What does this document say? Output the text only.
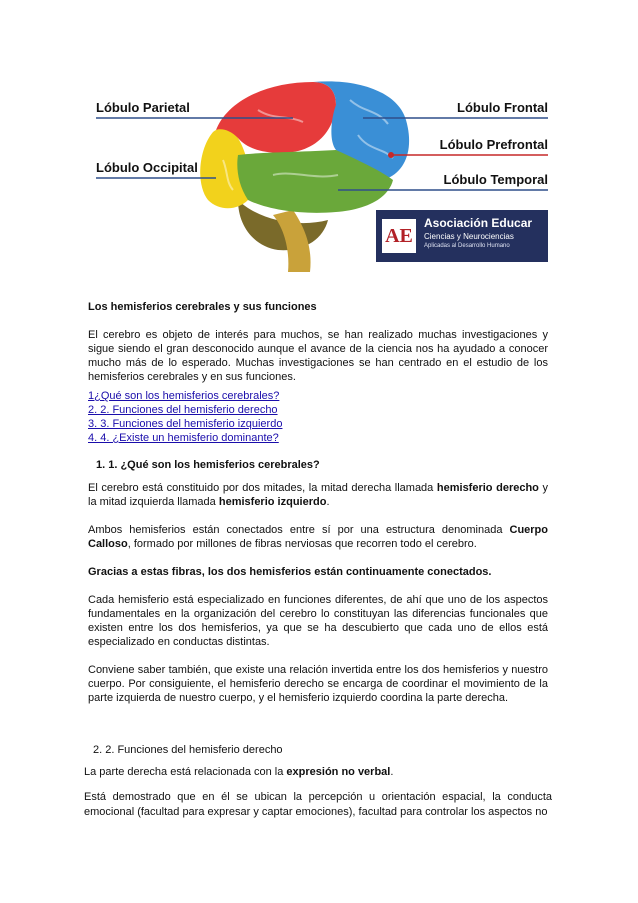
Lóbulo Parietal
Lóbulo Occipital
Lóbulo Frontal
Lóbulo Prefrontal
Lóbulo Temporal
AE
Asociación Educar
Ciencias y Neurociencias
Aplicadas al Desarrollo Humano

Los hemisferios cerebrales y sus funciones

El cerebro es objeto de interés para muchos, se han realizado muchas investigaciones y sigue siendo el gran desconocido aunque el avance de la ciencia nos ha ayudado a conocer mucho más de lo esperado. Muchas investigaciones se han centrado en el estudio de los hemisferios cerebrales y en sus funciones.

1¿Qué son los hemisferios cerebrales?
2. 2. Funciones del hemisferio derecho
3. 3. Funciones del hemisferio izquierdo
4. 4. ¿Existe un hemisferio dominante?

1. 1. ¿Qué son los hemisferios cerebrales?

El cerebro está constituido por dos mitades, la mitad derecha llamada hemisferio derecho y la mitad izquierda llamada hemisferio izquierdo.

Ambos hemisferios están conectados entre sí por una estructura denominada Cuerpo Calloso, formado por millones de fibras nerviosas que recorren todo el cerebro.

Gracias a estas fibras, los dos hemisferios están continuamente conectados.

Cada hemisferio está especializado en funciones diferentes, de ahí que uno de los aspectos fundamentales en la organización del cerebro lo constituyan las diferencias funcionales que existen entre los dos hemisferios, ya que se ha descubierto que cada uno de ellos está especializado en conductas distintas.

Conviene saber también, que existe una relación invertida entre los dos hemisferios y nuestro cuerpo. Por consiguiente, el hemisferio derecho se encarga de coordinar el movimiento de la parte izquierda de nuestro cuerpo, y el hemisferio izquierdo coordina la parte derecha.

2. 2. Funciones del hemisferio derecho

La parte derecha está relacionada con la expresión no verbal.

Está demostrado que en él se ubican la percepción u orientación espacial, la conducta emocional (facultad para expresar y captar emociones), facultad para controlar los aspectos no
